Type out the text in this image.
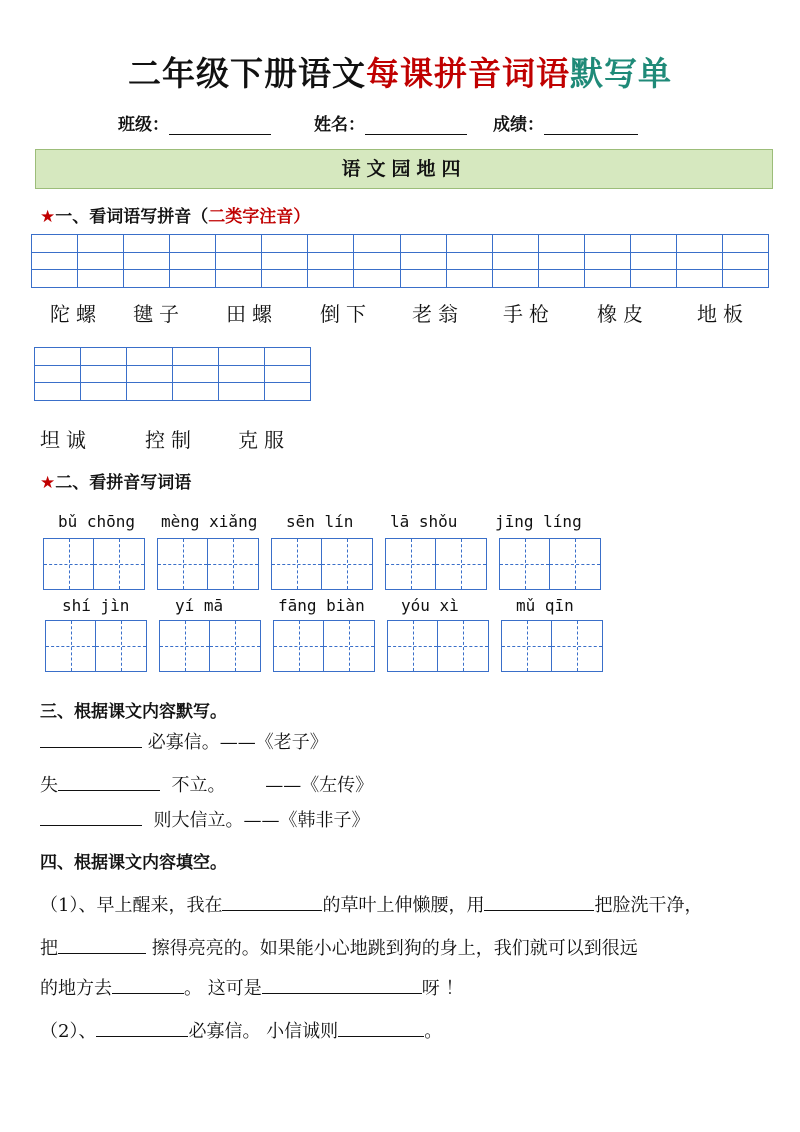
二年级下册语文每课拼音词语默写单
班级：	姓名：	成绩：
语文园地四
★一、看词语写拼音（二类字注音）

陀螺 毽子 田螺 倒下 老翁 手枪 橡皮 地板

坦诚	控制 克服
★二、看拼音写词语
bǔ chōng mèng xiǎng sēn lín lā shǒu jīng líng
shí jìn	yí mā	fāng biàn yóu xì	mǔ qīn
三、根据课文内容默写。
必寡信。——《老子》
失	不立。 ——《左传》
则大信立。——《韩非子》
四、根据课文内容填空。
（1）、早上醒来，我在	的草叶上伸懒腰，用	把脸洗干净，
把	擦得亮亮的。如果能小心地跳到狗的身上，我们就可以到很远
的地方去	。 这可是	呀 ！
（2）、	必寡信。 小信诚则	。
